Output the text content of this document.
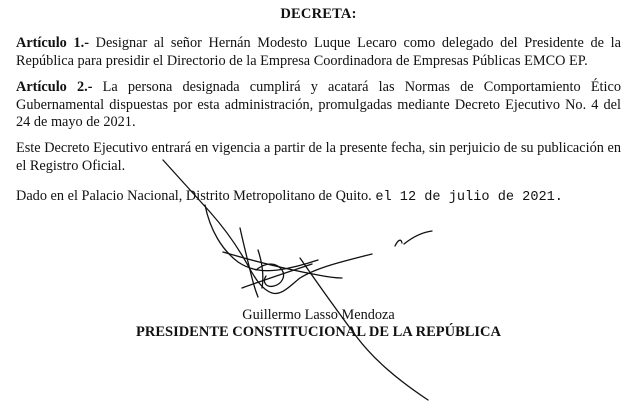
DECRETA:
Artículo 1.- Designar al señor Hernán Modesto Luque Lecaro como delegado del Presidente de la República para presidir el Directorio de la Empresa Coordinadora de Empresas Públicas EMCO EP.
Artículo 2.- La persona designada cumplirá y acatará las Normas de Comportamiento Ético Gubernamental dispuestas por esta administración, promulgadas mediante Decreto Ejecutivo No. 4 del 24 de mayo de 2021.
Este Decreto Ejecutivo entrará en vigencia a partir de la presente fecha, sin perjuicio de su publicación en el Registro Oficial.
Dado en el Palacio Nacional, Distrito Metropolitano de Quito. el 12 de julio de 2021.
Guillermo Lasso Mendoza
PRESIDENTE CONSTITUCIONAL DE LA REPÚBLICA
